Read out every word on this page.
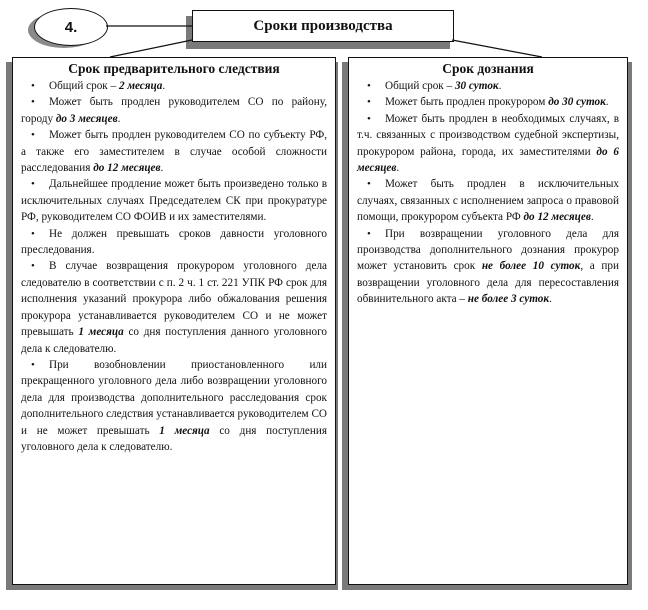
4.	Сроки производства
Срок предварительного следствия
• Общий срок – 2 месяца.
• Может быть продлен руководителем СО по району, городу до 3 месяцев.
• Может быть продлен руководителем СО по субъекту РФ, а также его заместителем в случае особой сложности расследования до 12 месяцев.
• Дальнейшее продление может быть произведено только в исключительных случаях Председателем СК при прокуратуре РФ, руководителем СО ФОИВ и их заместителями.
• Не должен превышать сроков давности уголовного преследования.
• В случае возвращения прокурором уголовного дела следователю в соответствии с п. 2 ч. 1 ст. 221 УПК РФ срок для исполнения указаний прокурора либо обжалования решения прокурора устанавливается руководителем СО и не может превышать 1 месяца со дня поступления данного уголовного дела к следователю.
• При возобновлении приостановленного или прекращенного уголовного дела либо возвращении уголовного дела для производства дополнительного расследования срок дополнительного следствия устанавливается руководителем СО и не может превышать 1 месяца со дня поступления уголовного дела к следователю.
Срок дознания
• Общий срок – 30 суток.
• Может быть продлен прокурором до 30 суток.
• Может быть продлен в необходимых случаях, в т.ч. связанных с производством судебной экспертизы, прокурором района, города, их заместителями до 6 месяцев.
• Может быть продлен в исключительных случаях, связанных с исполнением запроса о правовой помощи, прокурором субъекта РФ до 12 месяцев.
• При возвращении уголовного дела для производства дополнительного дознания прокурор может установить срок не более 10 суток, а при возвращении уголовного дела для пересоставления обвинительного акта – не более 3 суток.
